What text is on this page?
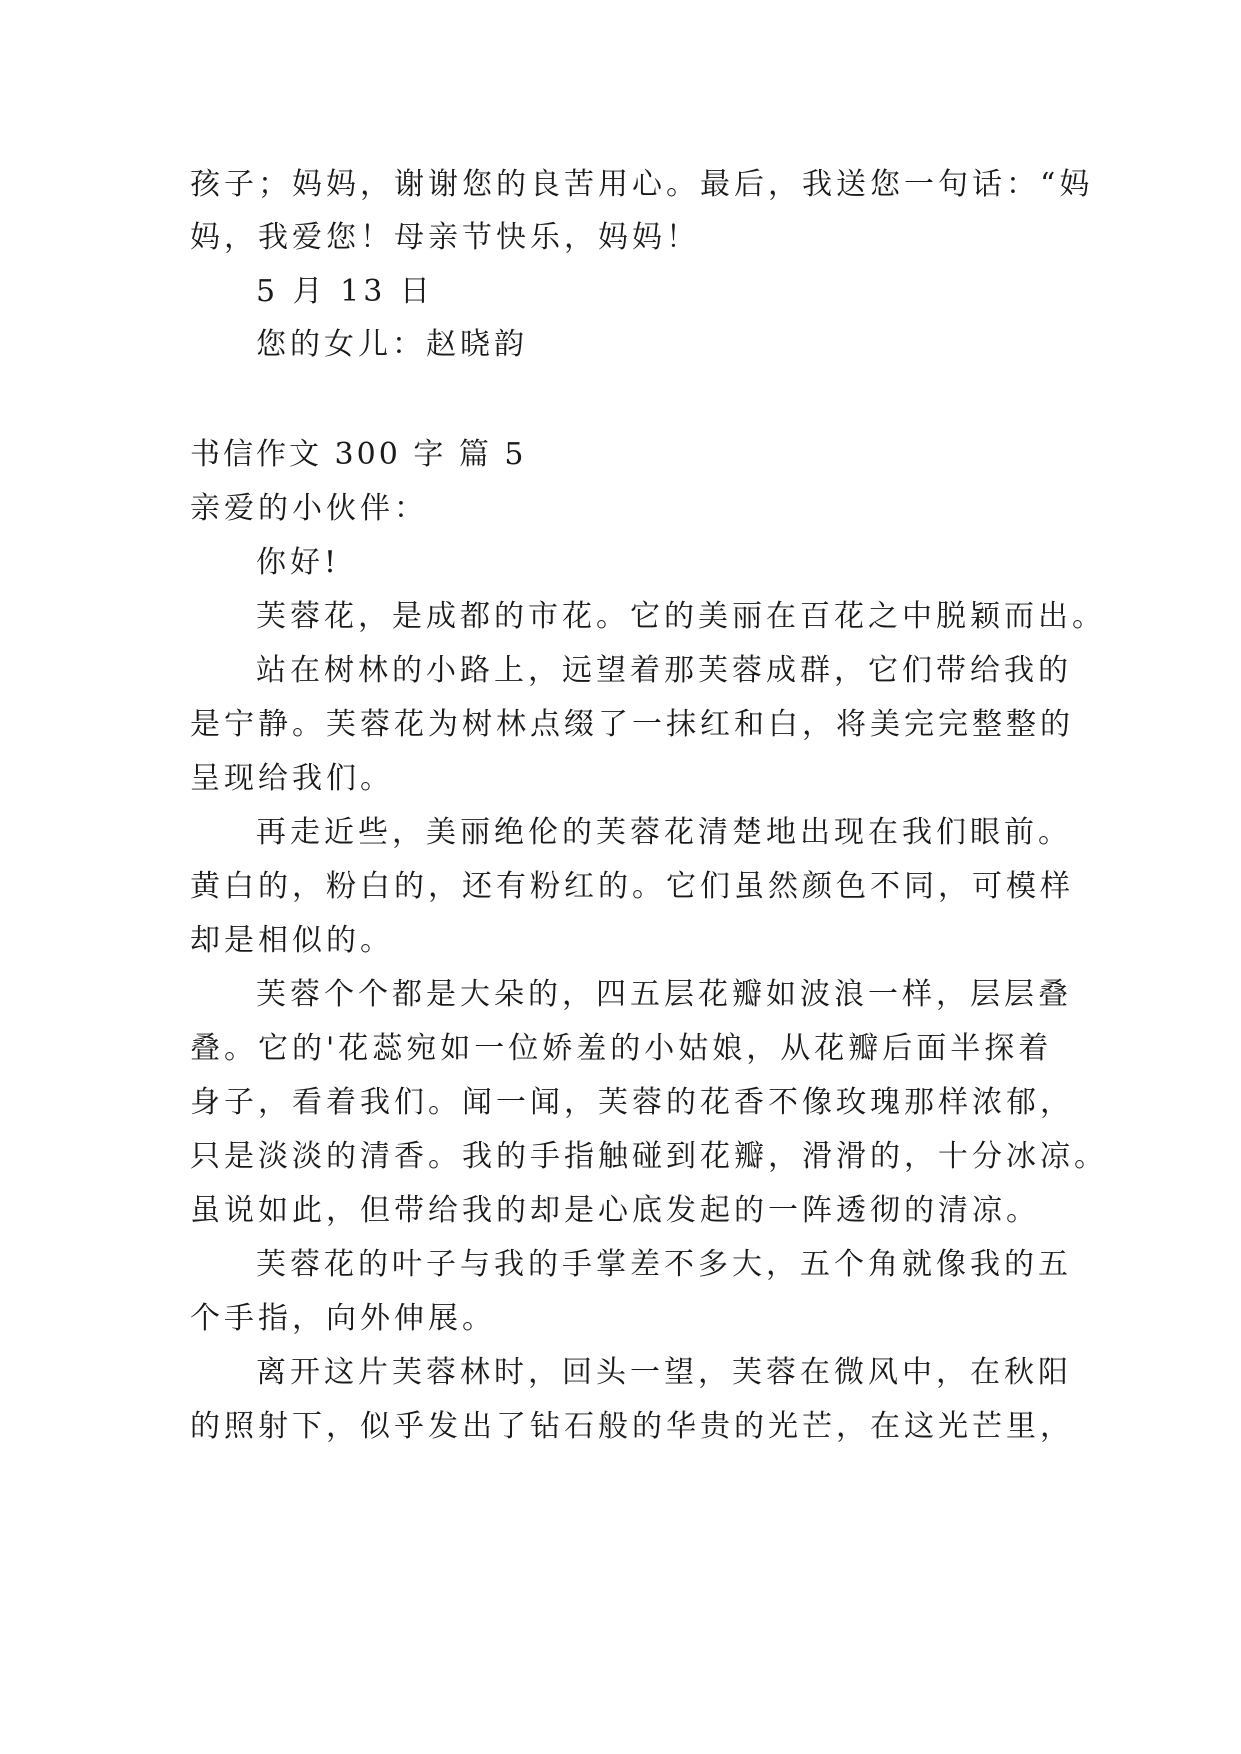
孩子；妈妈，谢谢您的良苦用心。最后，我送您一句话：“妈
妈，我爱您！母亲节快乐，妈妈！
5 月 13 日
您的女儿：赵晓韵
书信作文 300 字 篇 5
亲爱的小伙伴：
你好!
芙蓉花，是成都的市花。它的美丽在百花之中脱颖而出。
站在树林的小路上，远望着那芙蓉成群，它们带给我的
是宁静。芙蓉花为树林点缀了一抹红和白，将美完完整整的
呈现给我们。
再走近些，美丽绝伦的芙蓉花清楚地出现在我们眼前。
黄白的，粉白的，还有粉红的。它们虽然颜色不同，可模样
却是相似的。
芙蓉个个都是大朵的，四五层花瓣如波浪一样，层层叠
叠。它的'花蕊宛如一位娇羞的小姑娘，从花瓣后面半探着
身子，看着我们。闻一闻，芙蓉的花香不像玫瑰那样浓郁，
只是淡淡的清香。我的手指触碰到花瓣，滑滑的，十分冰凉。
虽说如此，但带给我的却是心底发起的一阵透彻的清凉。
芙蓉花的叶子与我的手掌差不多大，五个角就像我的五
个手指，向外伸展。
离开这片芙蓉林时，回头一望，芙蓉在微风中，在秋阳
的照射下，似乎发出了钻石般的华贵的光芒，在这光芒里，
